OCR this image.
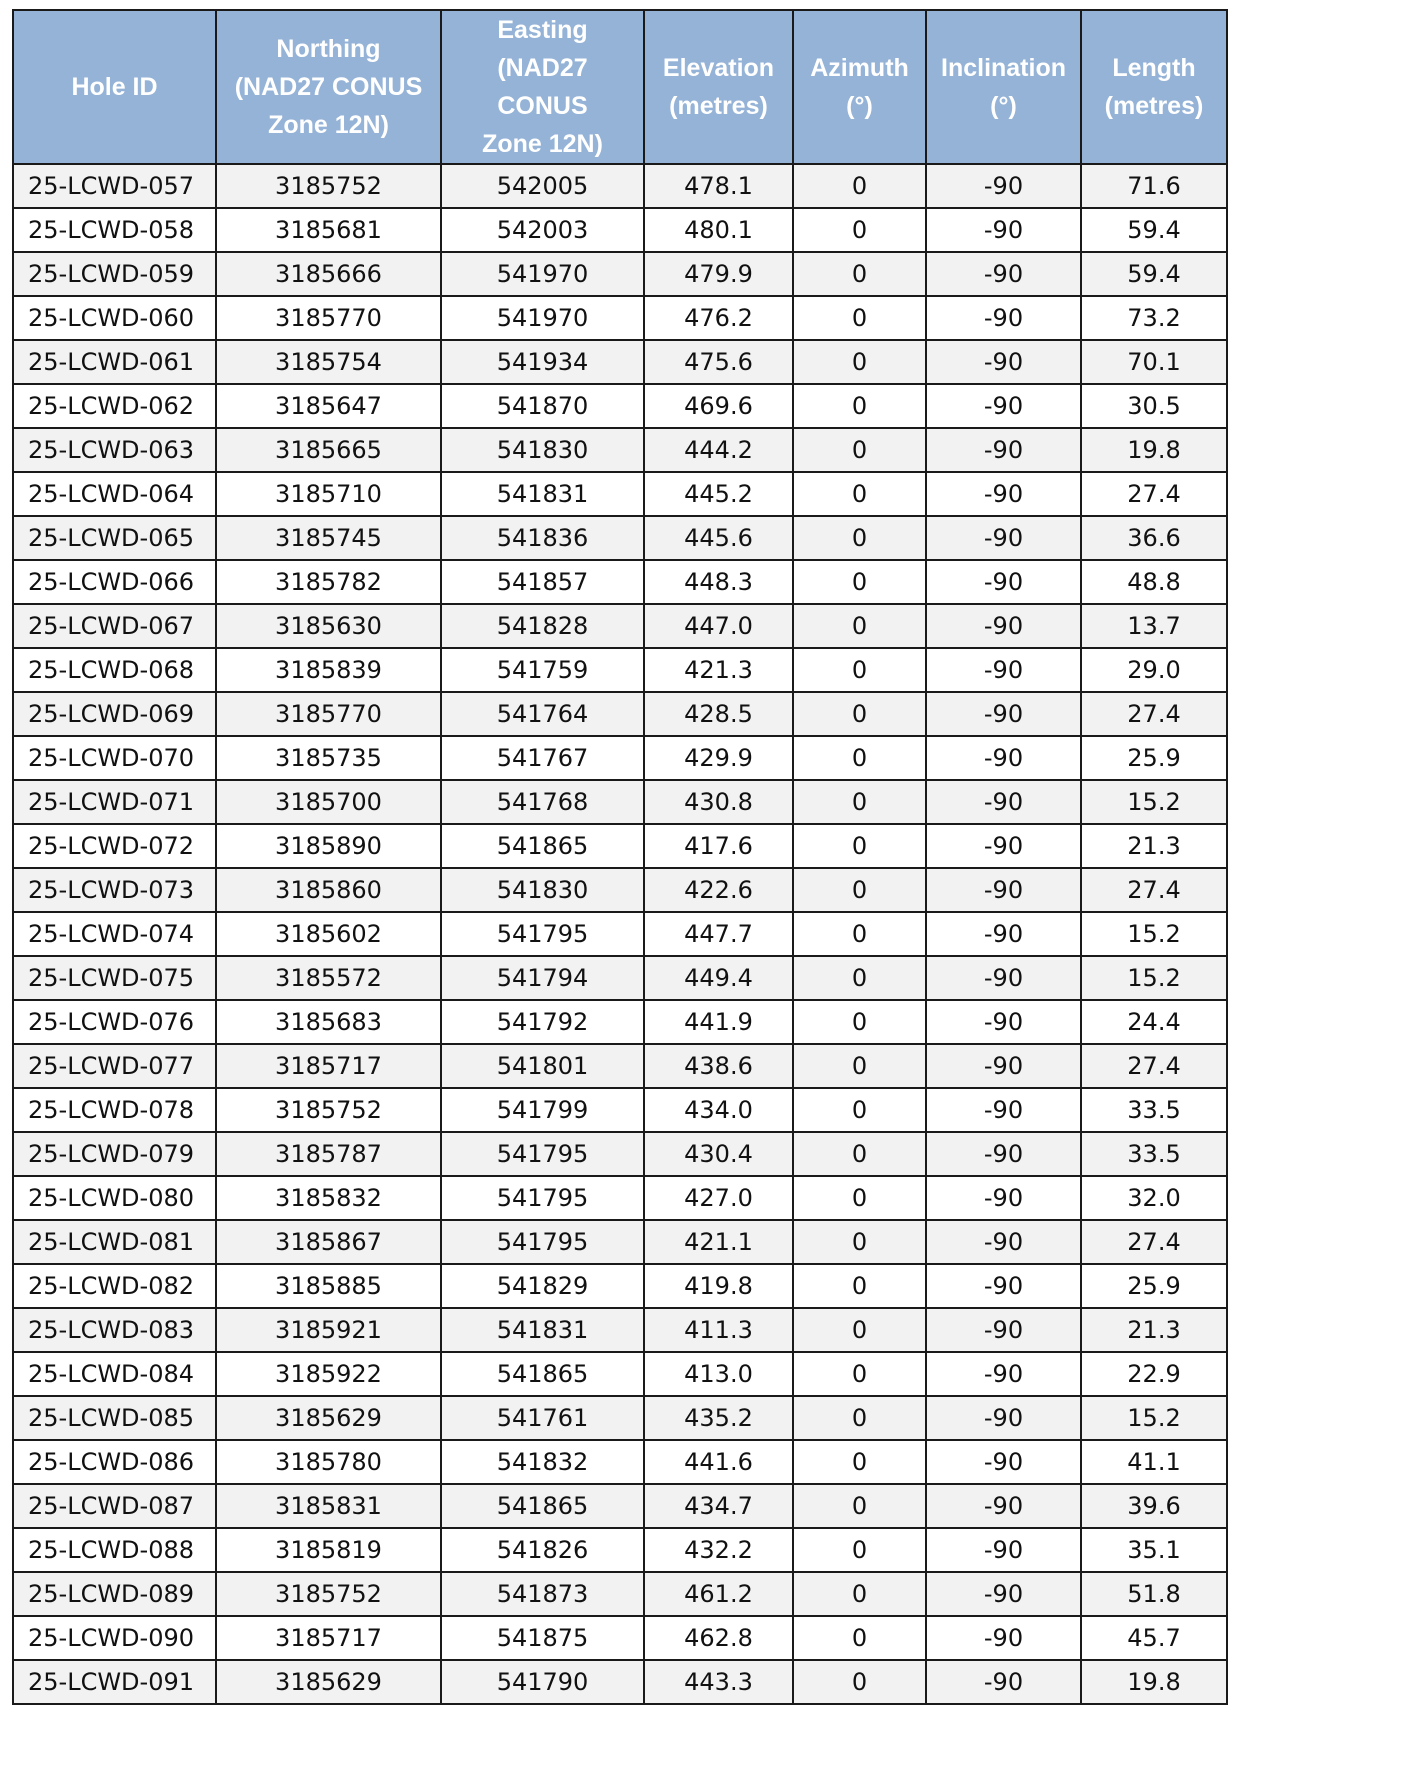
Hole ID	Northing
(NAD27 CONUS
Zone 12N)	Easting
(NAD27
CONUS
Zone 12N)	Elevation
(metres)	Azimuth
(°)	Inclination
(°)	Length
(metres)
25-LCWD-057	3185752	542005	478.1	0	-90	71.6
25-LCWD-058	3185681	542003	480.1	0	-90	59.4
25-LCWD-059	3185666	541970	479.9	0	-90	59.4
25-LCWD-060	3185770	541970	476.2	0	-90	73.2
25-LCWD-061	3185754	541934	475.6	0	-90	70.1
25-LCWD-062	3185647	541870	469.6	0	-90	30.5
25-LCWD-063	3185665	541830	444.2	0	-90	19.8
25-LCWD-064	3185710	541831	445.2	0	-90	27.4
25-LCWD-065	3185745	541836	445.6	0	-90	36.6
25-LCWD-066	3185782	541857	448.3	0	-90	48.8
25-LCWD-067	3185630	541828	447.0	0	-90	13.7
25-LCWD-068	3185839	541759	421.3	0	-90	29.0
25-LCWD-069	3185770	541764	428.5	0	-90	27.4
25-LCWD-070	3185735	541767	429.9	0	-90	25.9
25-LCWD-071	3185700	541768	430.8	0	-90	15.2
25-LCWD-072	3185890	541865	417.6	0	-90	21.3
25-LCWD-073	3185860	541830	422.6	0	-90	27.4
25-LCWD-074	3185602	541795	447.7	0	-90	15.2
25-LCWD-075	3185572	541794	449.4	0	-90	15.2
25-LCWD-076	3185683	541792	441.9	0	-90	24.4
25-LCWD-077	3185717	541801	438.6	0	-90	27.4
25-LCWD-078	3185752	541799	434.0	0	-90	33.5
25-LCWD-079	3185787	541795	430.4	0	-90	33.5
25-LCWD-080	3185832	541795	427.0	0	-90	32.0
25-LCWD-081	3185867	541795	421.1	0	-90	27.4
25-LCWD-082	3185885	541829	419.8	0	-90	25.9
25-LCWD-083	3185921	541831	411.3	0	-90	21.3
25-LCWD-084	3185922	541865	413.0	0	-90	22.9
25-LCWD-085	3185629	541761	435.2	0	-90	15.2
25-LCWD-086	3185780	541832	441.6	0	-90	41.1
25-LCWD-087	3185831	541865	434.7	0	-90	39.6
25-LCWD-088	3185819	541826	432.2	0	-90	35.1
25-LCWD-089	3185752	541873	461.2	0	-90	51.8
25-LCWD-090	3185717	541875	462.8	0	-90	45.7
25-LCWD-091	3185629	541790	443.3	0	-90	19.8
